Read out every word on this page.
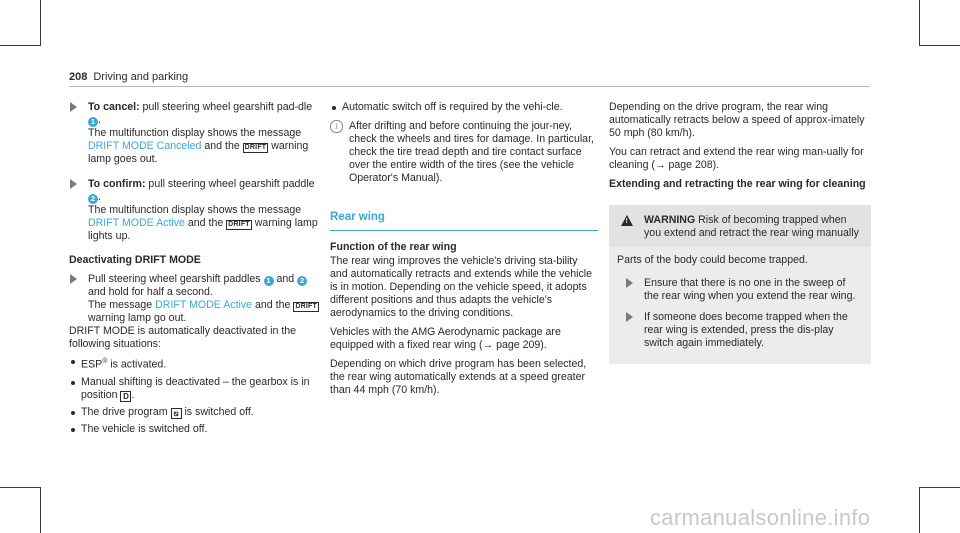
208 Driving and parking

To cancel: pull steering wheel gearshift pad-dle 1 .

The multifunction display shows the message DRIFT MODE Canceled and the DRIFT warning lamp goes out.

To confirm: pull steering wheel gearshift paddle 2 .

The multifunction display shows the message DRIFT MODE Active and the DRIFT warning lamp lights up.

Deactivating DRIFT MODE

Pull steering wheel gearshift paddles 1 and 2 and hold for half a second.

The message DRIFT MODE Active and the DRIFT warning lamp go out.

DRIFT MODE is automatically deactivated in the following situations:

ESP® is activated.
Manual shifting is deactivated – the gearbox is in position D .
The drive program ⧅ is switched off.
The vehicle is switched off.
Automatic switch off is required by the vehi-cle.
i	After drifting and before continuing the jour-ney, check the wheels and tires for damage. In particular, check the tire tread depth and tire contact surface over the entire width of the tires (see the vehicle Operator's Manual).

Rear wing

Function of the rear wing

The rear wing improves the vehicle's driving sta-bility and automatically retracts and extends while the vehicle is in motion. Depending on the vehicle speed, it adopts different positions and thus adapts the vehicle's aerodynamics to the driving conditions.

Vehicles with the AMG Aerodynamic package are equipped with a fixed rear wing (→ page 209).

Depending on which drive program has been selected, the rear wing automatically extends at a speed greater than 44 mph (70 km/h).

Depending on the drive program, the rear wing automatically retracts below a speed of approx-imately 50 mph (80 km/h).

You can retract and extend the rear wing man-ually for cleaning (→ page 208).

Extending and retracting the rear wing for cleaning

!	WARNING Risk of becoming trapped when you extend and retract the rear wing manually

Parts of the body could become trapped.

Ensure that there is no one in the sweep of the rear wing when you extend the rear wing.

If someone does become trapped when the rear wing is extended, press the dis-play switch again immediately.

carmanualsonline.info
